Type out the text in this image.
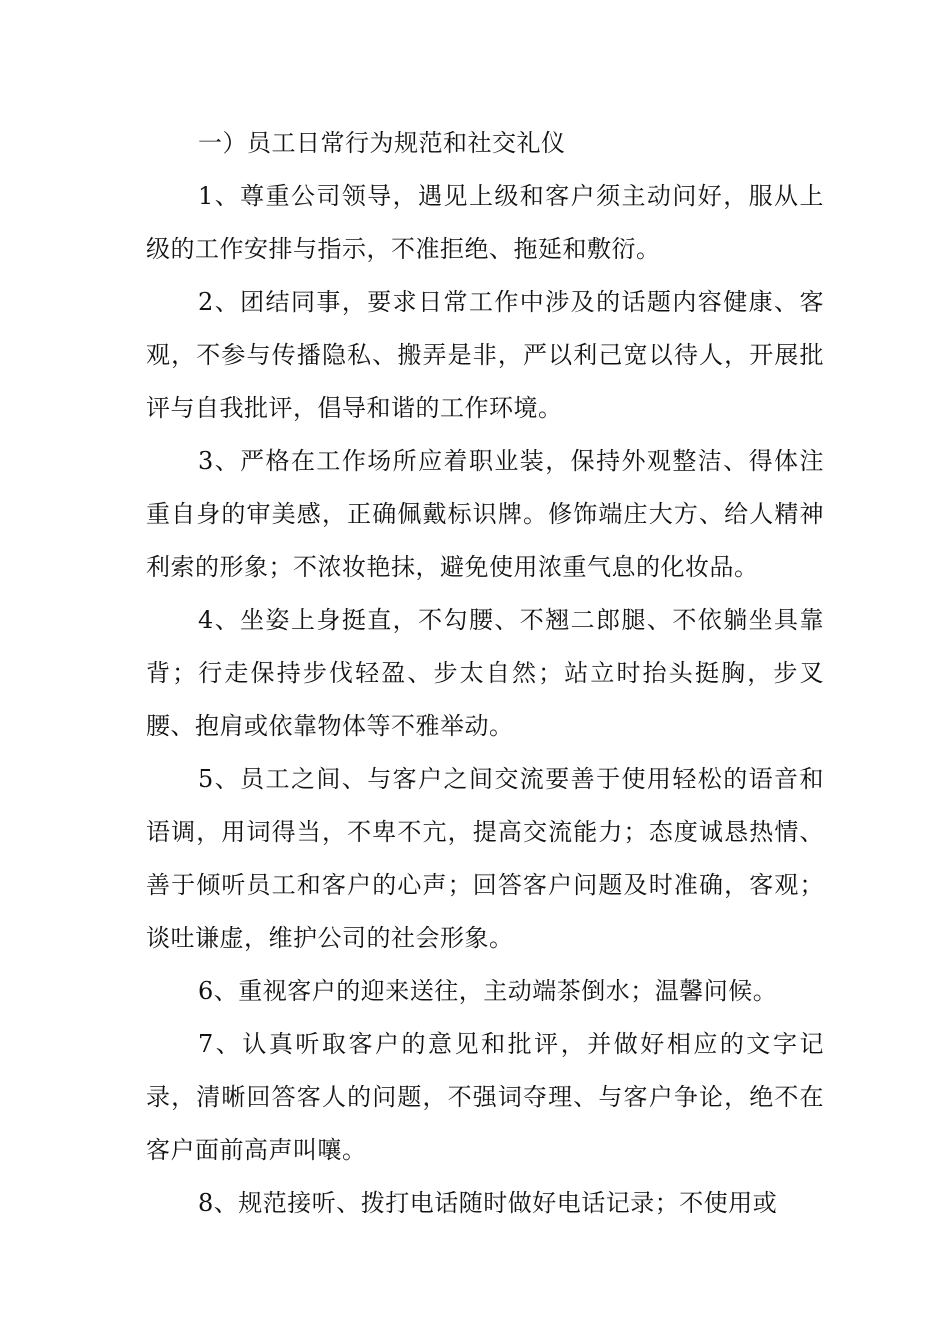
一）员工日常行为规范和社交礼仪

1、尊重公司领导，遇见上级和客户须主动问好，服从上级的工作安排与指示，不准拒绝、拖延和敷衍。

2、团结同事，要求日常工作中涉及的话题内容健康、客观，不参与传播隐私、搬弄是非，严以利己宽以待人，开展批评与自我批评，倡导和谐的工作环境。

3、严格在工作场所应着职业装，保持外观整洁、得体注重自身的审美感，正确佩戴标识牌。修饰端庄大方、给人精神利索的形象；不浓妆艳抹，避免使用浓重气息的化妆品。

4、坐姿上身挺直，不勾腰、不翘二郎腿、不依躺坐具靠背；行走保持步伐轻盈、步太自然；站立时抬头挺胸，步叉腰、抱肩或依靠物体等不雅举动。

5、员工之间、与客户之间交流要善于使用轻松的语音和语调，用词得当，不卑不亢，提高交流能力；态度诚恳热情、善于倾听员工和客户的心声；回答客户问题及时准确，客观；谈吐谦虚，维护公司的社会形象。

6、重视客户的迎来送往，主动端茶倒水；温馨问候。

7、认真听取客户的意见和批评，并做好相应的文字记录，清晰回答客人的问题，不强词夺理、与客户争论，绝不在客户面前高声叫嚷。

8、规范接听、拨打电话随时做好电话记录；不使用或
